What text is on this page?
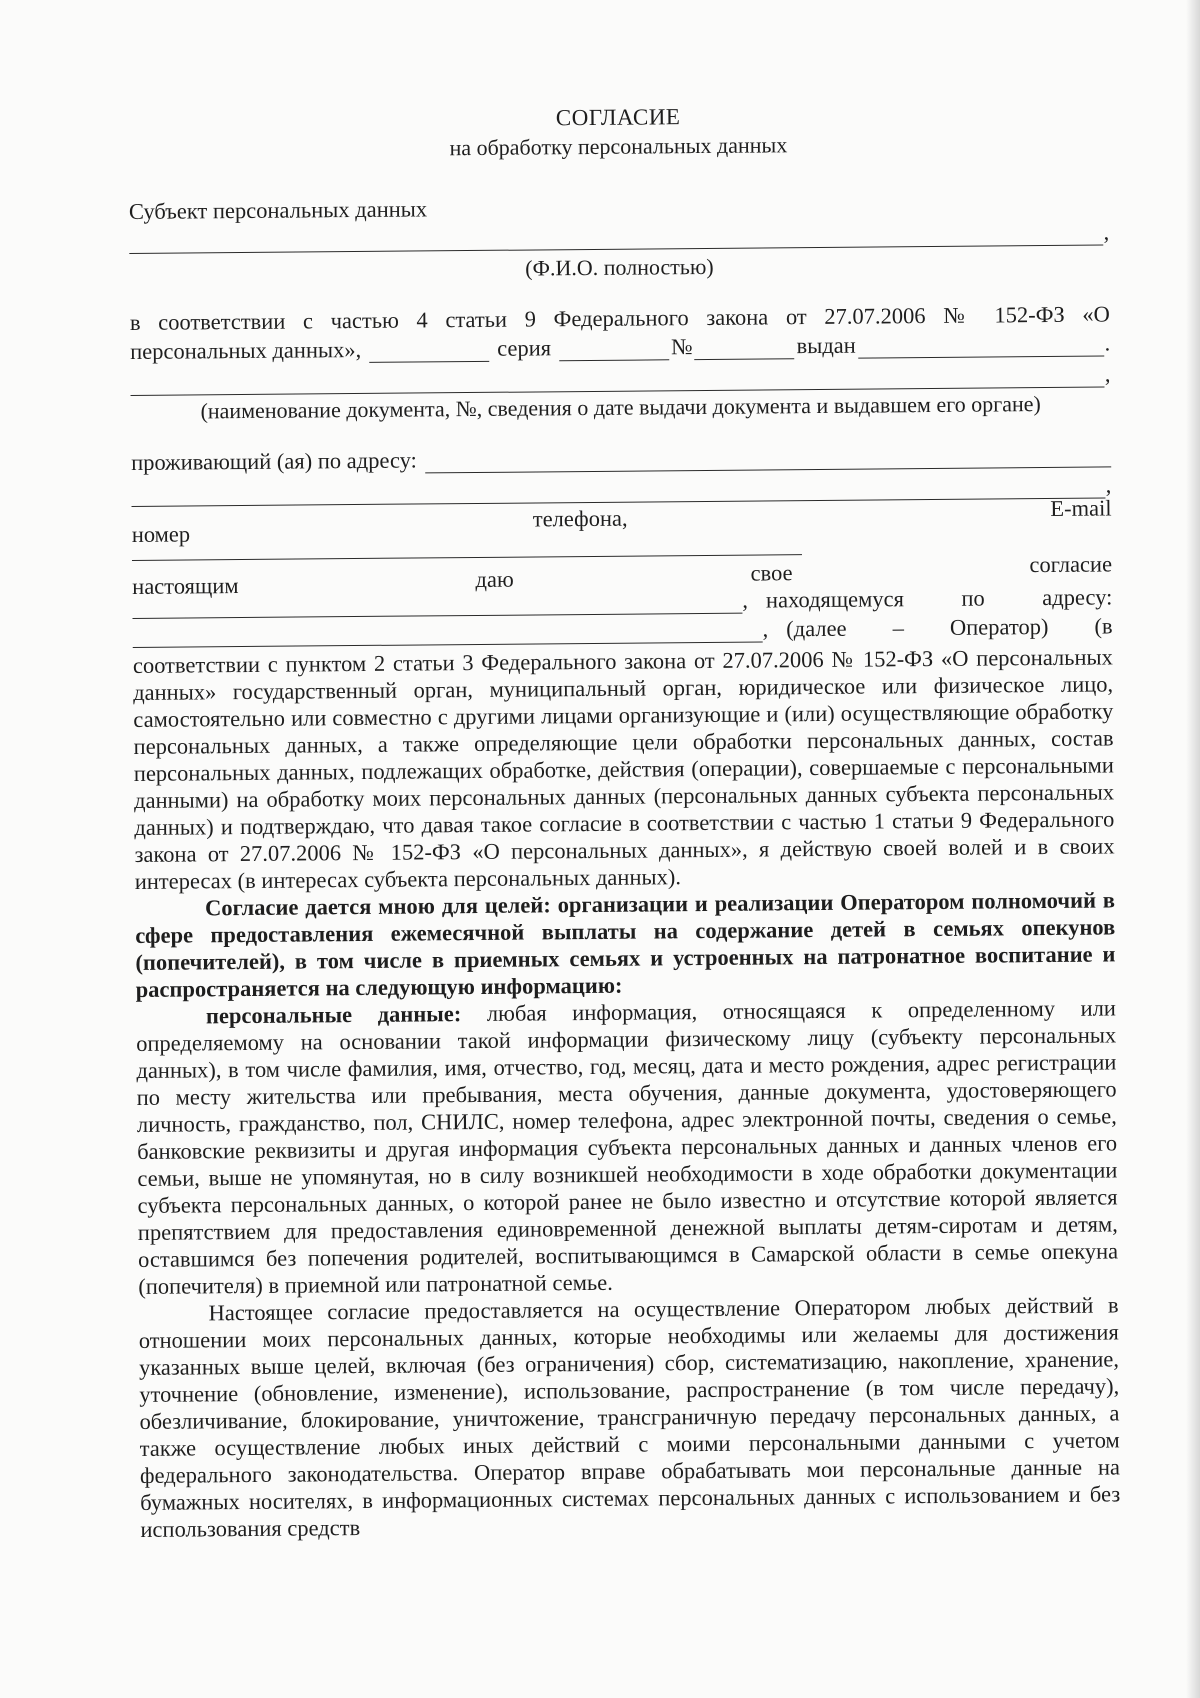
СОГЛАСИЕ
на обработку персональных данных
Субъект персональных данных
,
(Ф.И.О. полностью)
в соответствии с частью 4 статьи 9 Федерального закона от 27.07.2006 № 152-ФЗ «О
персональных данных»,	серия	№	выдан	.
,
(наименование документа, №, сведения о дате выдачи документа и выдавшем его органе)
проживающий (ая) по адресу:
,
номер
телефона,	E-mail
настоящим	даю	свое	согласие
, находящемуся по адресу:
, (далее – Оператор) (в

соответствии с пунктом 2 статьи 3 Федерального закона от 27.07.2006 № 152-ФЗ «О персональных данных» государственный орган, муниципальный орган, юридическое или физическое лицо, самостоятельно или совместно с другими лицами организующие и (или) осуществляющие обработку персональных данных, а также определяющие цели обработки персональных данных, состав персональных данных, подлежащих обработке, действия (операции), совершаемые с персональными данными) на обработку моих персональных данных (персональных данных субъекта персональных данных) и подтверждаю, что давая такое согласие в соответствии с частью 1 статьи 9 Федерального закона от 27.07.2006 № 152-ФЗ «О персональных данных», я действую своей волей и в своих интересах (в интересах субъекта персональных данных).

Согласие дается мною для целей: организации и реализации Оператором полномочий в сфере предоставления ежемесячной выплаты на содержание детей в семьях опекунов (попечителей), в том числе в приемных семьях и устроенных на патронатное воспитание и распространяется на следующую информацию:

персональные данные: любая информация, относящаяся к определенному или определяемому на основании такой информации физическому лицу (субъекту персональных данных), в том числе фамилия, имя, отчество, год, месяц, дата и место рождения, адрес регистрации по месту жительства или пребывания, места обучения, данные документа, удостоверяющего личность, гражданство, пол, СНИЛС, номер телефона, адрес электронной почты, сведения о семье, банковские реквизиты и другая информация субъекта персональных данных и данных членов его семьи, выше не упомянутая, но в силу возникшей необходимости в ходе обработки документации субъекта персональных данных, о которой ранее не было известно и отсутствие которой является препятствием для предоставления единовременной денежной выплаты детям-сиротам и детям, оставшимся без попечения родителей, воспитывающимся в Самарской области в семье опекуна (попечителя) в приемной или патронатной семье.

Настоящее согласие предоставляется на осуществление Оператором любых действий в отношении моих персональных данных, которые необходимы или желаемы для достижения указанных выше целей, включая (без ограничения) сбор, систематизацию, накопление, хранение, уточнение (обновление, изменение), использование, распространение (в том числе передачу), обезличивание, блокирование, уничтожение, трансграничную передачу персональных данных, а также осуществление любых иных действий с моими персональными данными с учетом федерального законодательства. Оператор вправе обрабатывать мои персональные данные на бумажных носителях, в информационных системах персональных данных с использованием и без использования средств
